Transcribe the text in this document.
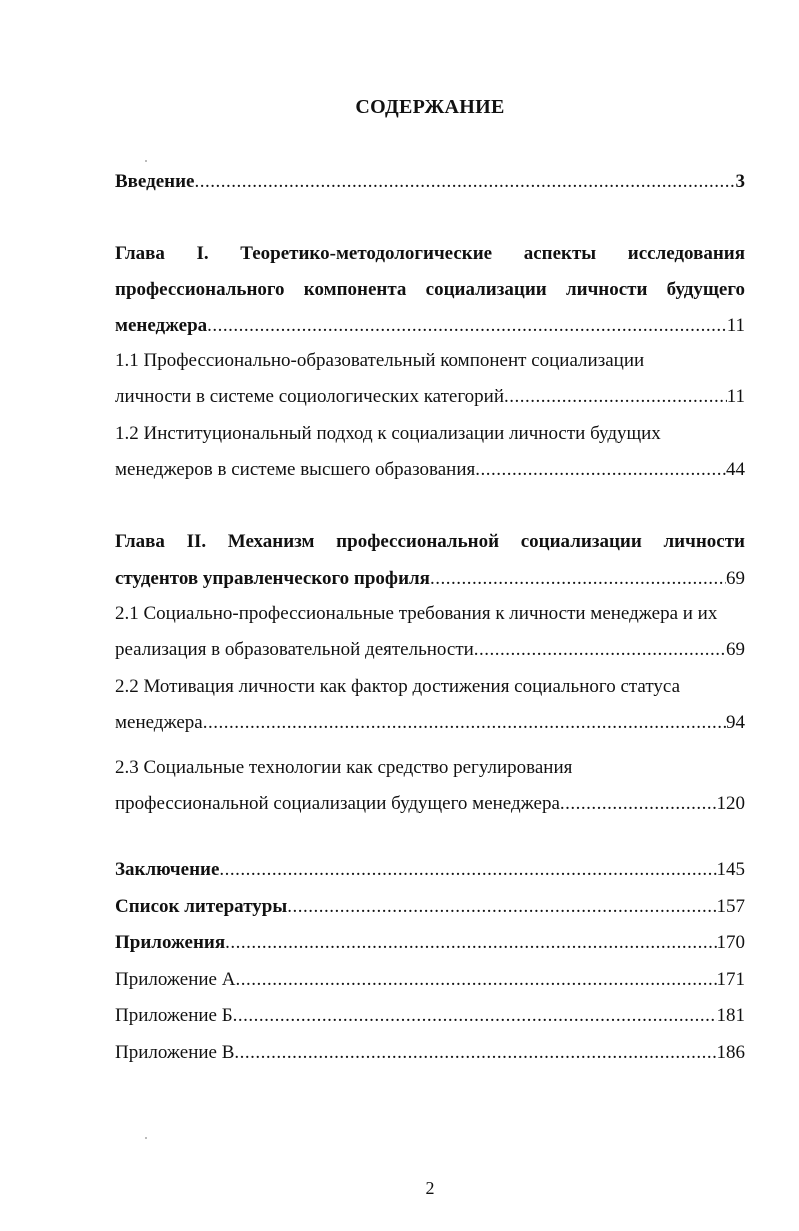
СОДЕРЖАНИЕ
Введение .....	3
Глава I. Теоретико-методологические аспекты исследования
профессионального компонента социализации личности будущего
менеджера .....	11
1.1 Профессионально-образовательный компонент социализации
личности в системе социологических категорий .....	11
1.2 Институциональный подход к социализации личности будущих
менеджеров в системе высшего образования .....	44
Глава II. Механизм профессиональной социализации личности
студентов управленческого профиля .....	69
2.1 Социально-профессиональные требования к личности менеджера и их
реализация в образовательной деятельности .....	69
2.2 Мотивация личности как фактор достижения социального статуса
менеджера .....	94
2.3 Социальные технологии как средство регулирования
профессиональной социализации будущего менеджера .....	120
Заключение .....	145
Список литературы .....	157
Приложения .....	170
Приложение А .....	171
Приложение Б .....	181
Приложение В .....	186
2
